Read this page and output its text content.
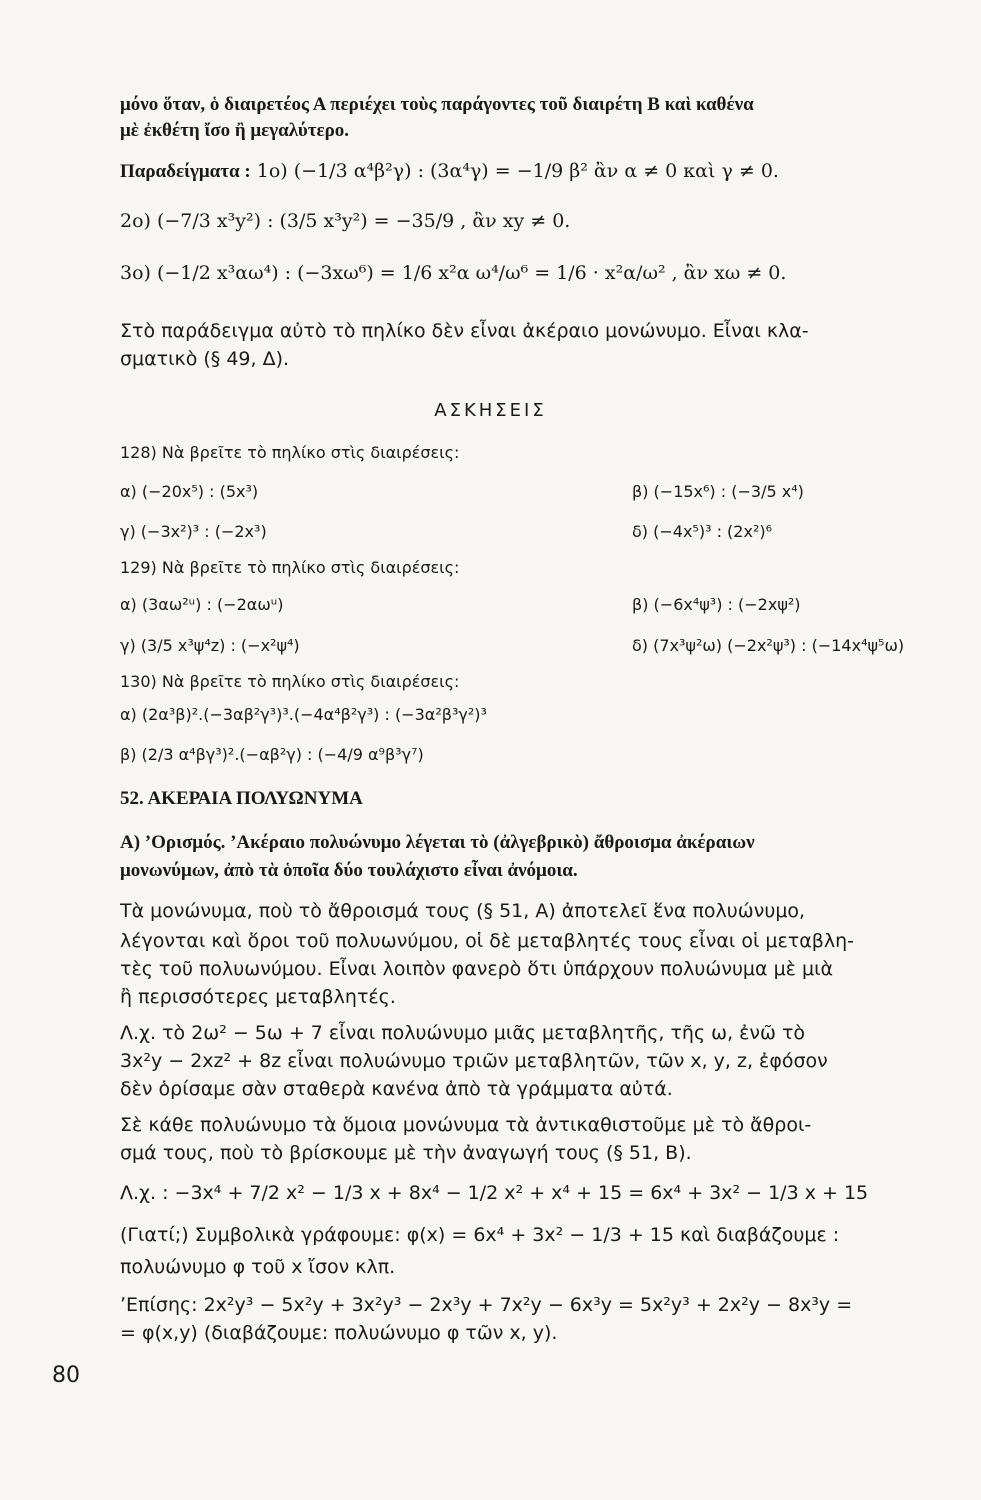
μόνο ὅταν, ὁ διαιρετέος Α περιέχει τοὺς παράγοντες τοῦ διαιρέτη Β καὶ καθένα
μὲ ἐκθέτη ἴσο ἢ μεγαλύτερο.
Παραδείγματα : 1ο) (−1/3 α⁴β²γ) : (3α⁴γ) = −1/9 β² ἂν α ≠ 0 καὶ γ ≠ 0.
2ο) (−7/3 x³y²) : (3/5 x³y²) = −35/9 , ἂν xy ≠ 0.
3ο) (−1/2 x³αω⁴) : (−3xω⁶) = 1/6 x²α ω⁴/ω⁶ = 1/6 · x²α/ω² , ἂν xω ≠ 0.
Στὸ παράδειγμα αὐτὸ τὸ πηλίκο δὲν εἶναι ἀκέραιο μονώνυμο. Εἶναι κλα-
σματικὸ (§ 49, Δ).
ΑΣΚΗΣΕΙΣ
128) Νὰ βρεῖτε τὸ πηλίκο στὶς διαιρέσεις:
α) (−20x⁵) : (5x³)	β) (−15x⁶) : (−3/5 x⁴)
γ) (−3x²)³ : (−2x³)	δ) (−4x⁵)³ : (2x²)⁶
129) Νὰ βρεῖτε τὸ πηλίκο στὶς διαιρέσεις:
α) (3αω²ᵘ) : (−2αωᵘ)	β) (−6x⁴ψ³) : (−2xψ²)
γ) (3/5 x³ψ⁴z) : (−x²ψ⁴)	δ) (7x³ψ²ω) (−2x²ψ³) : (−14x⁴ψ⁵ω)
130) Νὰ βρεῖτε τὸ πηλίκο στὶς διαιρέσεις:
α) (2α³β)².(−3αβ²γ³)³.(−4α⁴β²γ³) : (−3α²β³γ²)³
β) (2/3 α⁴βγ³)².(−αβ²γ) : (−4/9 α⁹β³γ⁷)
52. ΑΚΕΡΑΙΑ ΠΟΛΥΩΝΥΜΑ
Α) ʼΟρισμός. ʼΑκέραιο πολυώνυμο λέγεται τὸ (ἀλγεβρικὸ) ἄθροισμα ἀκέραιων
μονωνύμων, ἀπὸ τὰ ὁποῖα δύο τουλάχιστο εἶναι ἀνόμοια.
Τὰ μονώνυμα, ποὺ τὸ ἄθροισμά τους (§ 51, Α) ἀποτελεῖ ἕνα πολυώνυμο,
λέγονται καὶ ὅροι τοῦ πολυωνύμου, οἱ δὲ μεταβλητές τους εἶναι οἱ μεταβλη-
τὲς τοῦ πολυωνύμου. Εἶναι λοιπὸν φανερὸ ὅτι ὑπάρχουν πολυώνυμα μὲ μιὰ
ἢ περισσότερες μεταβλητές.
Λ.χ. τὸ 2ω² − 5ω + 7 εἶναι πολυώνυμο μιᾶς μεταβλητῆς, τῆς ω, ἐνῶ τὸ
3x²y − 2xz² + 8z εἶναι πολυώνυμο τριῶν μεταβλητῶν, τῶν x, y, z, ἐφόσον
δὲν ὁρίσαμε σὰν σταθερὰ κανένα ἀπὸ τὰ γράμματα αὐτά.
Σὲ κάθε πολυώνυμο τὰ ὅμοια μονώνυμα τὰ ἀντικαθιστοῦμε μὲ τὸ ἄθροι-
σμά τους, ποὺ τὸ βρίσκουμε μὲ τὴν ἀναγωγή τους (§ 51, Β).
Λ.χ. : −3x⁴ + 7/2 x² − 1/3 x + 8x⁴ − 1/2 x² + x⁴ + 15 = 6x⁴ + 3x² − 1/3 x + 15
(Γιατί;) Συμβολικὰ γράφουμε: φ(x) = 6x⁴ + 3x² − 1/3 + 15 καὶ διαβάζουμε :
πολυώνυμο φ τοῦ x ἴσον κλπ.
ʼΕπίσης: 2x²y³ − 5x²y + 3x²y³ − 2x³y + 7x²y − 6x³y = 5x²y³ + 2x²y − 8x³y =
= φ(x,y) (διαβάζουμε: πολυώνυμο φ τῶν x, y).
80
